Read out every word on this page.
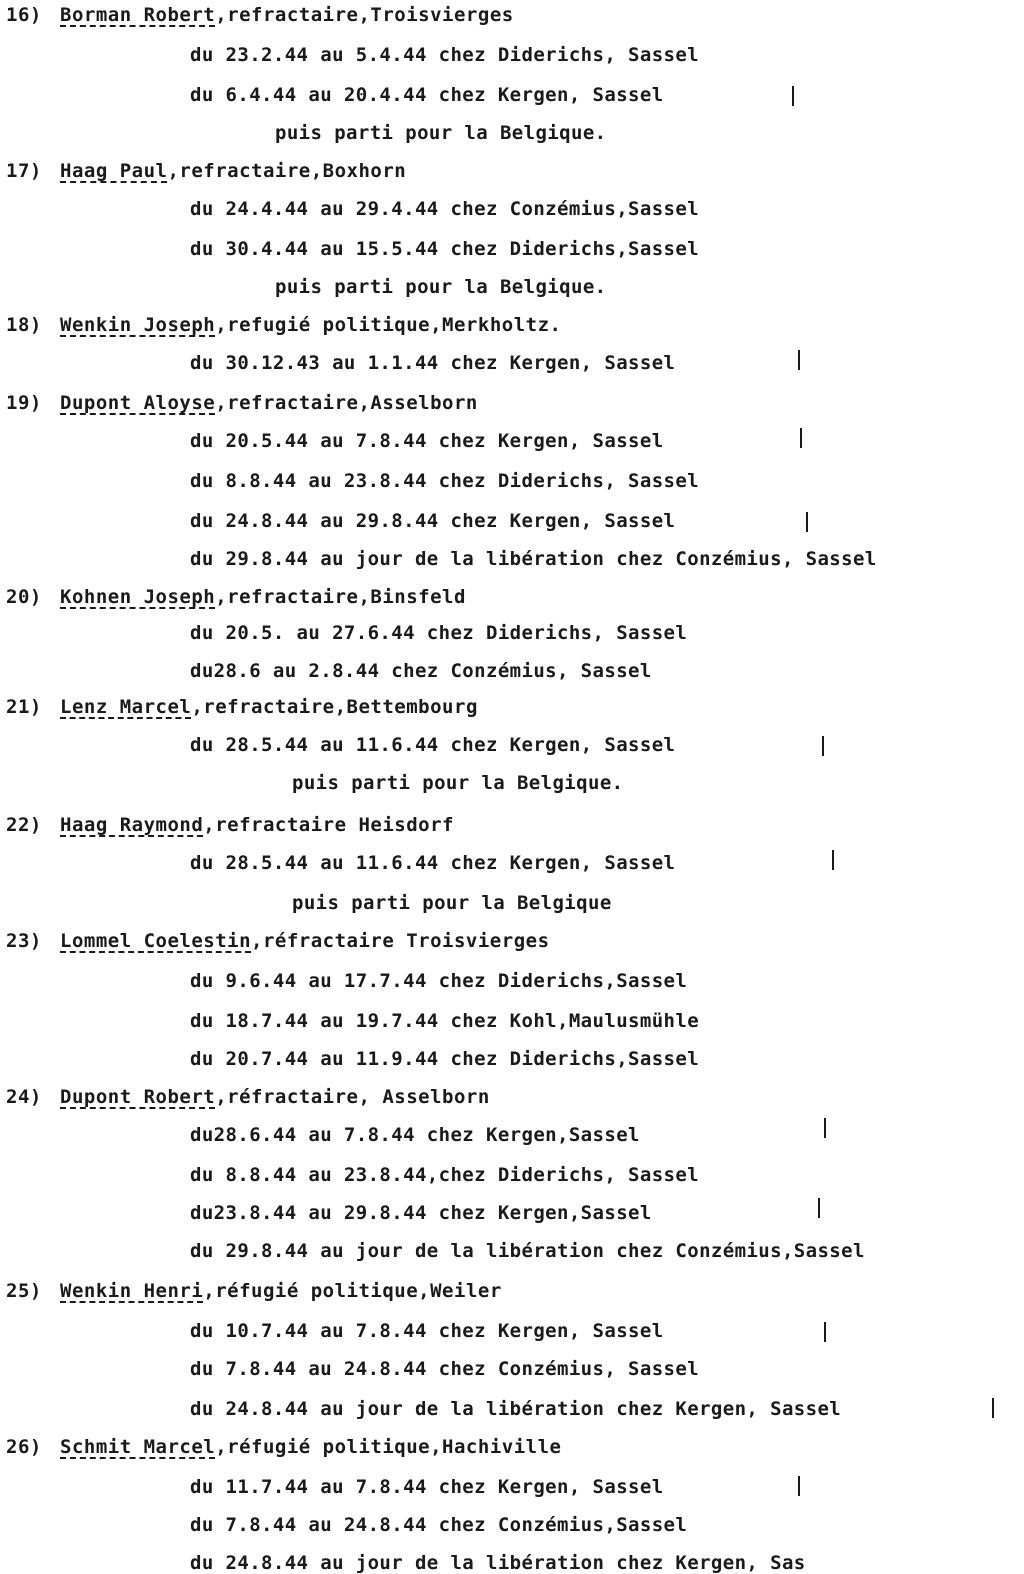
16) Borman Robert,refractaire,Troisvierges
du 23.2.44 au 5.4.44 chez Diderichs, Sassel
du 6.4.44 au 20.4.44 chez Kergen, Sassel
puis parti pour la Belgique.
17) Haag Paul,refractaire,Boxhorn
du 24.4.44 au 29.4.44 chez Conzémius,Sassel
du 30.4.44 au 15.5.44 chez Diderichs,Sassel
puis parti pour la Belgique.
18) Wenkin Joseph,refugié politique,Merkholtz.
du 30.12.43 au 1.1.44 chez Kergen, Sassel
19) Dupont Aloyse,refractaire,Asselborn
du 20.5.44 au 7.8.44 chez Kergen, Sassel
du 8.8.44 au 23.8.44 chez Diderichs, Sassel
du 24.8.44 au 29.8.44 chez Kergen, Sassel
du 29.8.44 au jour de la libération chez Conzémius, Sassel
20) Kohnen Joseph,refractaire,Binsfeld
du 20.5. au 27.6.44 chez Diderichs, Sassel
du28.6 au 2.8.44 chez Conzémius, Sassel
21) Lenz Marcel,refractaire,Bettembourg
du 28.5.44 au 11.6.44 chez Kergen, Sassel
puis parti pour la Belgique.
22) Haag Raymond,refractaire Heisdorf
du 28.5.44 au 11.6.44 chez Kergen, Sassel
puis parti pour la Belgique
23) Lommel Coelestin,réfractaire Troisvierges
du 9.6.44 au 17.7.44 chez Diderichs,Sassel
du 18.7.44 au 19.7.44 chez Kohl,Maulusmühle
du 20.7.44 au 11.9.44 chez Diderichs,Sassel
24) Dupont Robert,réfractaire, Asselborn
du28.6.44 au 7.8.44 chez Kergen,Sassel
du 8.8.44 au 23.8.44,chez Diderichs, Sassel
du23.8.44 au 29.8.44 chez Kergen,Sassel
du 29.8.44 au jour de la libération chez Conzémius,Sassel
25) Wenkin Henri,réfugié politique,Weiler
du 10.7.44 au 7.8.44 chez Kergen, Sassel
du 7.8.44 au 24.8.44 chez Conzémius, Sassel
du 24.8.44 au jour de la libération chez Kergen, Sassel
26) Schmit Marcel,réfugié politique,Hachiville
du 11.7.44 au 7.8.44 chez Kergen, Sassel
du 7.8.44 au 24.8.44 chez Conzémius,Sassel
du 24.8.44 au jour de la libération chez Kergen, Sas
